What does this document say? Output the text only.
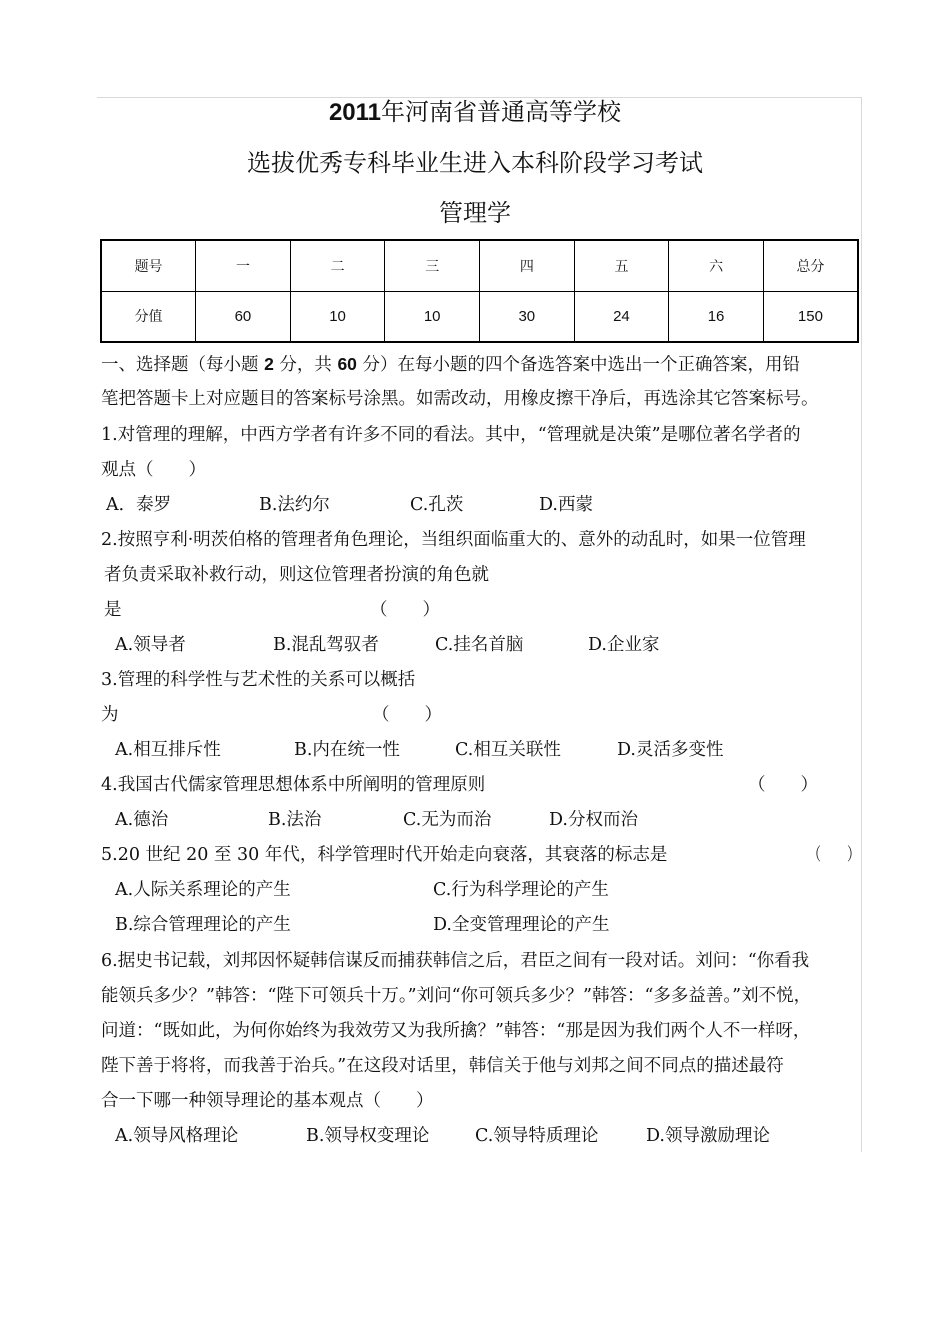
2011年河南省普通高等学校
选拔优秀专科毕业生进入本科阶段学习考试
管理学
题号	一	二	三	四	五	六	总分
分值	60	10	10	30	24	16	150
一、选择题（每小题 2 分，共 60 分）在每小题的四个备选答案中选出一个正确答案，用铅
笔把答题卡上对应题目的答案标号涂黑。如需改动，用橡皮擦干净后，再选涂其它答案标号。
1.对管理的理解，中西方学者有许多不同的看法。其中，“管理就是决策”是哪位著名学者的
观点（　　）
A．泰罗	B.法约尔	C.孔茨	D.西蒙
2.按照亨利·明茨伯格的管理者角色理论，当组织面临重大的、意外的动乱时，如果一位管理
者负责采取补救行动，则这位管理者扮演的角色就
是	（　　）
A.领导者	B.混乱驾驭者	C.挂名首脑	D.企业家
3.管理的科学性与艺术性的关系可以概括
为	（　　）
A.相互排斥性	B.内在统一性	C.相互关联性	D.灵活多变性
4.我国古代儒家管理思想体系中所阐明的管理原则	（　　）
A.德治	B.法治	C.无为而治	D.分权而治
5.20 世纪 20 至 30 年代，科学管理时代开始走向衰落，其衰落的标志是	（　　）
A.人际关系理论的产生	C.行为科学理论的产生
B.综合管理理论的产生	D.全变管理理论的产生
6.据史书记载，刘邦因怀疑韩信谋反而捕获韩信之后，君臣之间有一段对话。刘问：“你看我
能领兵多少？”韩答：“陛下可领兵十万。”刘问“你可领兵多少？”韩答：“多多益善。”刘不悦，
问道：“既如此，为何你始终为我效劳又为我所擒？”韩答：“那是因为我们两个人不一样呀，
陛下善于将将，而我善于治兵。”在这段对话里，韩信关于他与刘邦之间不同点的描述最符
合一下哪一种领导理论的基本观点（　　）
A.领导风格理论	B.领导权变理论	C.领导特质理论	D.领导激励理论
